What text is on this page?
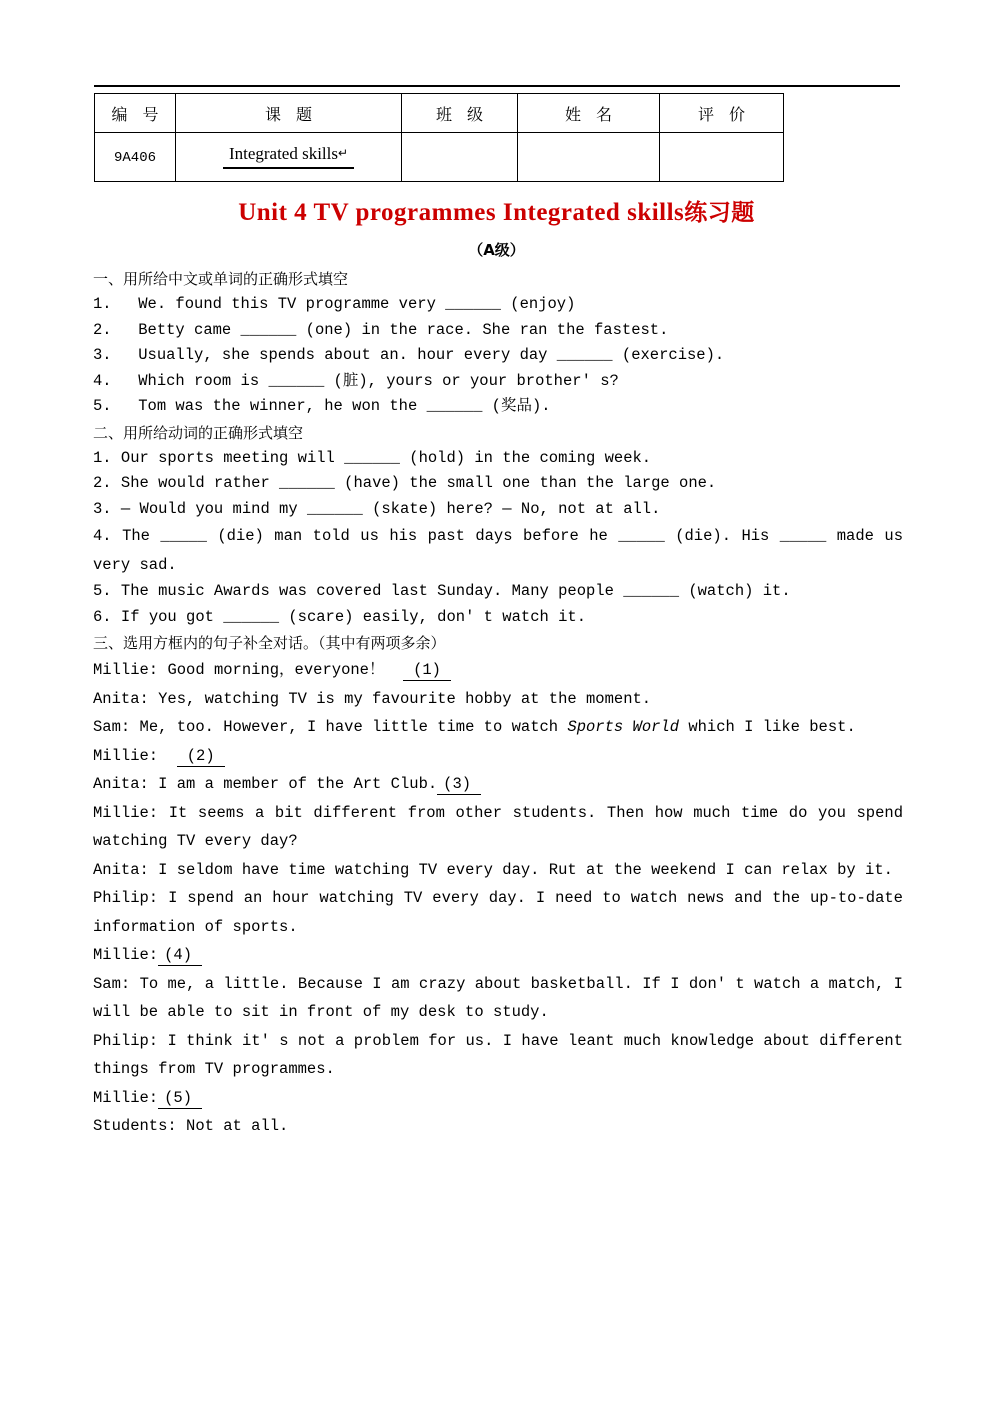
编 号	课 题	班 级	姓 名	评 价
9A406	Integrated skills↵			
Unit 4 TV programmes Integrated skills练习题
（A级）
一、用所给中文或单词的正确形式填空
1. We. found this TV programme very ______ (enjoy)
2. Betty came ______ (one) in the race. She ran the fastest.
3. Usually, she spends about an. hour every day ______ (exercise).
4. Which room is ______ (脏), yours or your brother' s?
5. Tom was the winner, he won the ______ (奖品).
二、用所给动词的正确形式填空
1. Our sports meeting will ______ (hold) in the coming week.
2. She would rather ______ (have) the small one than the large one.
3. — Would you mind my ______ (skate) here? — No, not at all.
4. The _____ (die) man told us his past days before he _____ (die). His _____ made us very sad.
5. The music Awards was covered last Sunday. Many people ______ (watch) it.
6. If you got ______ (scare) easily, don' t watch it.
三、选用方框内的句子补全对话。（其中有两项多余）
Millie: Good morning，everyone！ (1)
Anita: Yes, watching TV is my favourite hobby at the moment.
Sam: Me, too. However, I have little time to watch Sports World which I like best.
Millie: (2)
Anita: I am a member of the Art Club. (3)
Millie: It seems a bit different from other students. Then how much time do you spend watching TV every day?
Anita: I seldom have time watching TV every day. Rut at the weekend I can relax by it.
Philip: I spend an hour watching TV every day. I need to watch news and the up-to-date information of sports.
Millie: (4)
Sam: To me, a little. Because I am crazy about basketball. If I don' t watch a match, I will be able to sit in front of my desk to study.
Philip: I think it' s not a problem for us. I have leant much knowledge about different things from TV programmes.
Millie: (5)
Students: Not at all.
